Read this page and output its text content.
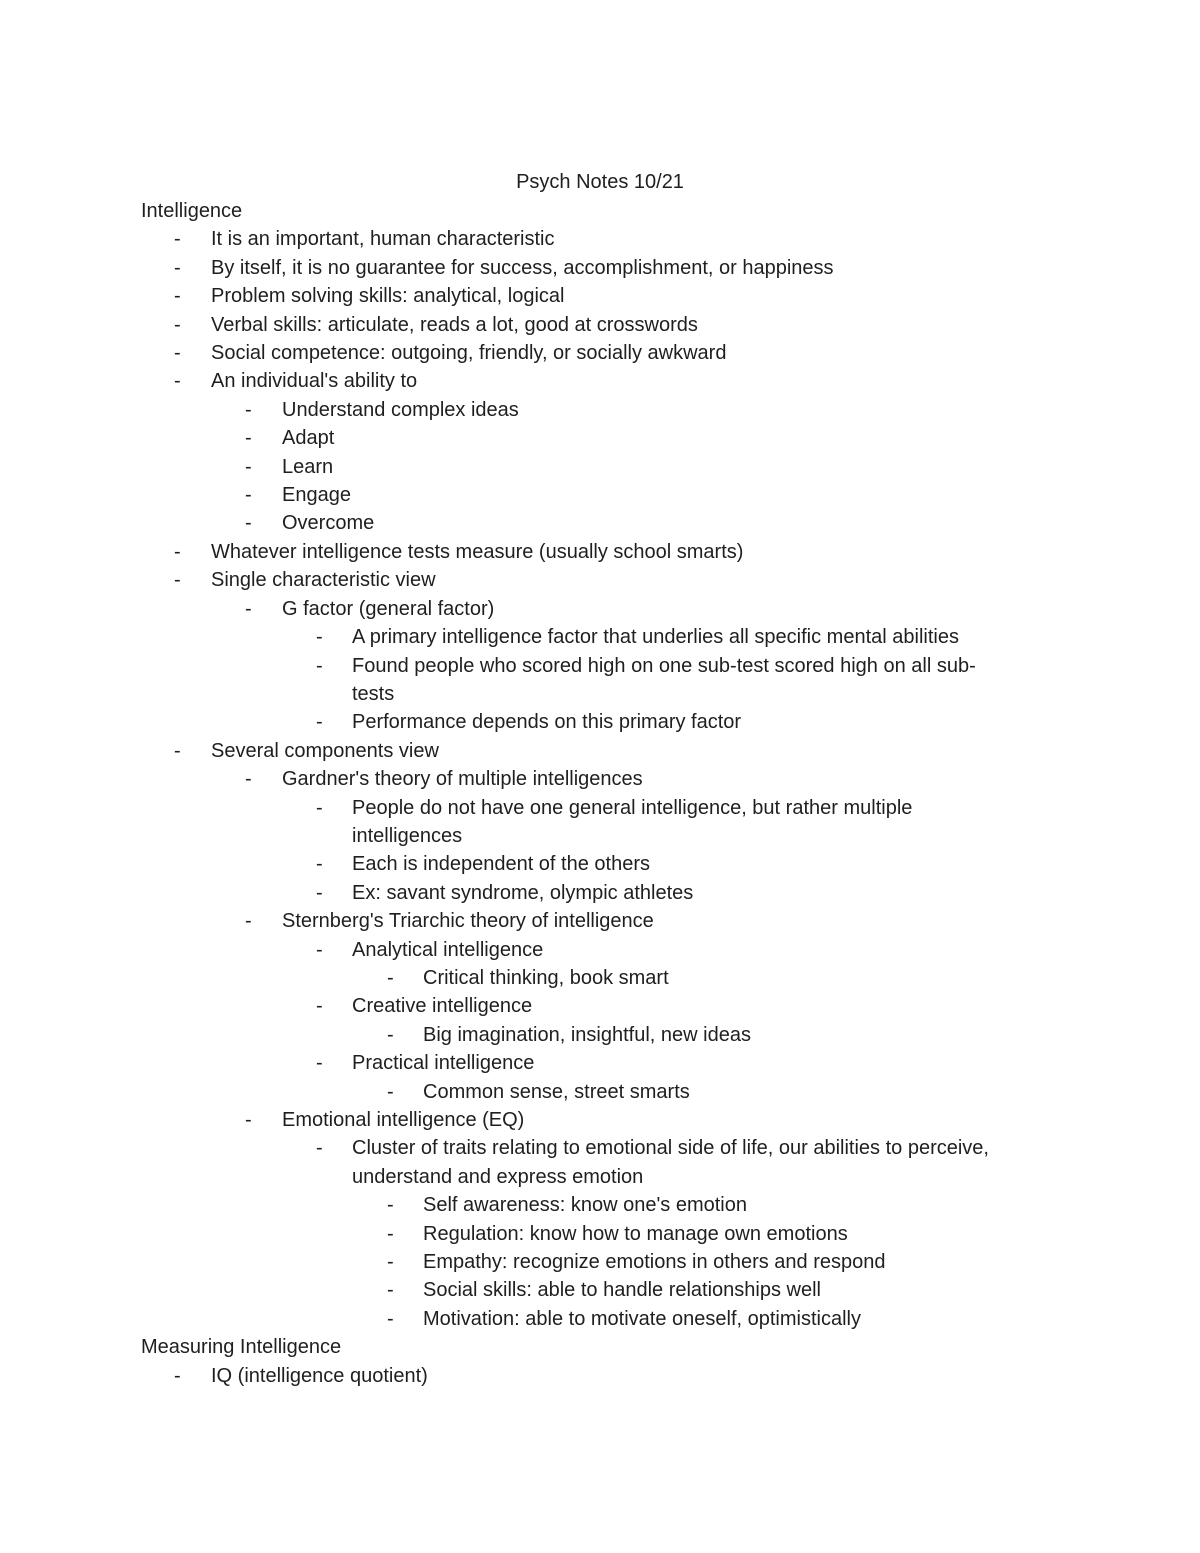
Psych Notes 10/21
Intelligence
- It is an important, human characteristic
- By itself, it is no guarantee for success, accomplishment, or happiness
- Problem solving skills: analytical, logical
- Verbal skills: articulate, reads a lot, good at crosswords
- Social competence: outgoing, friendly, or socially awkward
- An individual's ability to
- Understand complex ideas
- Adapt
- Learn
- Engage
- Overcome
- Whatever intelligence tests measure (usually school smarts)
- Single characteristic view
- G factor (general factor)
- A primary intelligence factor that underlies all specific mental abilities
- Found people who scored high on one sub-test scored high on all sub-
tests
- Performance depends on this primary factor
- Several components view
- Gardner's theory of multiple intelligences
- People do not have one general intelligence, but rather multiple
intelligences
- Each is independent of the others
- Ex: savant syndrome, olympic athletes
- Sternberg's Triarchic theory of intelligence
- Analytical intelligence
- Critical thinking, book smart
- Creative intelligence
- Big imagination, insightful, new ideas
- Practical intelligence
- Common sense, street smarts
- Emotional intelligence (EQ)
- Cluster of traits relating to emotional side of life, our abilities to perceive,
understand and express emotion
- Self awareness: know one's emotion
- Regulation: know how to manage own emotions
- Empathy: recognize emotions in others and respond
- Social skills: able to handle relationships well
- Motivation: able to motivate oneself, optimistically
Measuring Intelligence
- IQ (intelligence quotient)
